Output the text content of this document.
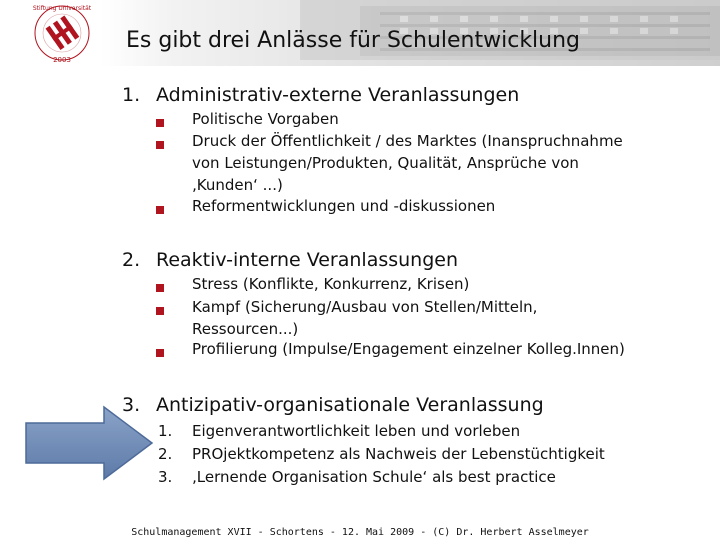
Stiftung Universität
2003
Es gibt drei Anlässe für Schulentwicklung
1. Administrativ-externe Veranlassungen
Politische Vorgaben
Druck der Öffentlichkeit / des Marktes (Inanspruchnahme
von Leistungen/Produkten, Qualität, Ansprüche von
‚Kunden‘ ...)
Reformentwicklungen und -diskussionen
2. Reaktiv-interne Veranlassungen
Stress (Konflikte, Konkurrenz, Krisen)
Kampf (Sicherung/Ausbau von Stellen/Mitteln,
Ressourcen...)
Profilierung (Impulse/Engagement einzelner Kolleg.Innen)
3. Antizipativ-organisationale Veranlassung
1. Eigenverantwortlichkeit leben und vorleben
2. PROjektkompetenz als Nachweis der Lebenstüchtigkeit
3. ‚Lernende Organisation Schule‘ als best practice
Schulmanagement XVII - Schortens - 12. Mai 2009 - (C) Dr. Herbert Asselmeyer
